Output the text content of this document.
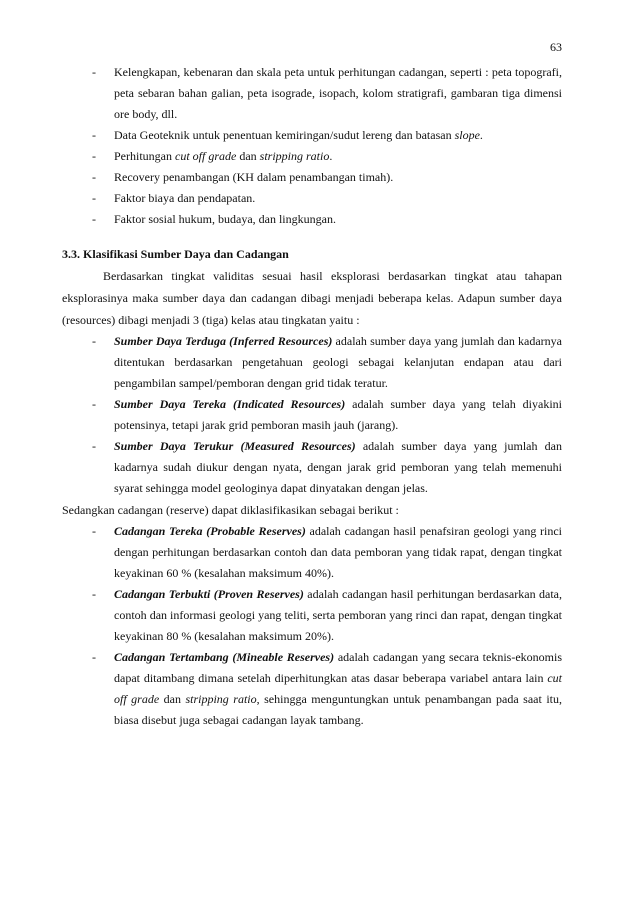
63
- Kelengkapan, kebenaran dan skala peta untuk perhitungan cadangan, seperti : peta topografi, peta sebaran bahan galian, peta isograde, isopach, kolom stratigrafi, gambaran tiga dimensi ore body, dll.
- Data Geoteknik untuk penentuan kemiringan/sudut lereng dan batasan slope.
- Perhitungan cut off grade dan stripping ratio.
- Recovery penambangan (KH dalam penambangan timah).
- Faktor biaya dan pendapatan.
- Faktor sosial hukum, budaya, dan lingkungan.
3.3. Klasifikasi Sumber Daya dan Cadangan

Berdasarkan tingkat validitas sesuai hasil eksplorasi berdasarkan tingkat atau tahapan eksplorasinya maka sumber daya dan cadangan dibagi menjadi beberapa kelas. Adapun sumber daya (resources) dibagi menjadi 3 (tiga) kelas atau tingkatan yaitu :

- Sumber Daya Terduga (Inferred Resources) adalah sumber daya yang jumlah dan kadarnya ditentukan berdasarkan pengetahuan geologi sebagai kelanjutan endapan atau dari pengambilan sampel/pemboran dengan grid tidak teratur.
- Sumber Daya Tereka (Indicated Resources) adalah sumber daya yang telah diyakini potensinya, tetapi jarak grid pemboran masih jauh (jarang).
- Sumber Daya Terukur (Measured Resources) adalah sumber daya yang jumlah dan kadarnya sudah diukur dengan nyata, dengan jarak grid pemboran yang telah memenuhi syarat sehingga model geologinya dapat dinyatakan dengan jelas.

Sedangkan cadangan (reserve) dapat diklasifikasikan sebagai berikut :

- Cadangan Tereka (Probable Reserves) adalah cadangan hasil penafsiran geologi yang rinci dengan perhitungan berdasarkan contoh dan data pemboran yang tidak rapat, dengan tingkat keyakinan 60 % (kesalahan maksimum 40%).
- Cadangan Terbukti (Proven Reserves) adalah cadangan hasil perhitungan berdasarkan data, contoh dan informasi geologi yang teliti, serta pemboran yang rinci dan rapat, dengan tingkat keyakinan 80 % (kesalahan maksimum 20%).
- Cadangan Tertambang (Mineable Reserves) adalah cadangan yang secara teknis-ekonomis dapat ditambang dimana setelah diperhitungkan atas dasar beberapa variabel antara lain cut off grade dan stripping ratio, sehingga menguntungkan untuk penambangan pada saat itu, biasa disebut juga sebagai cadangan layak tambang.
